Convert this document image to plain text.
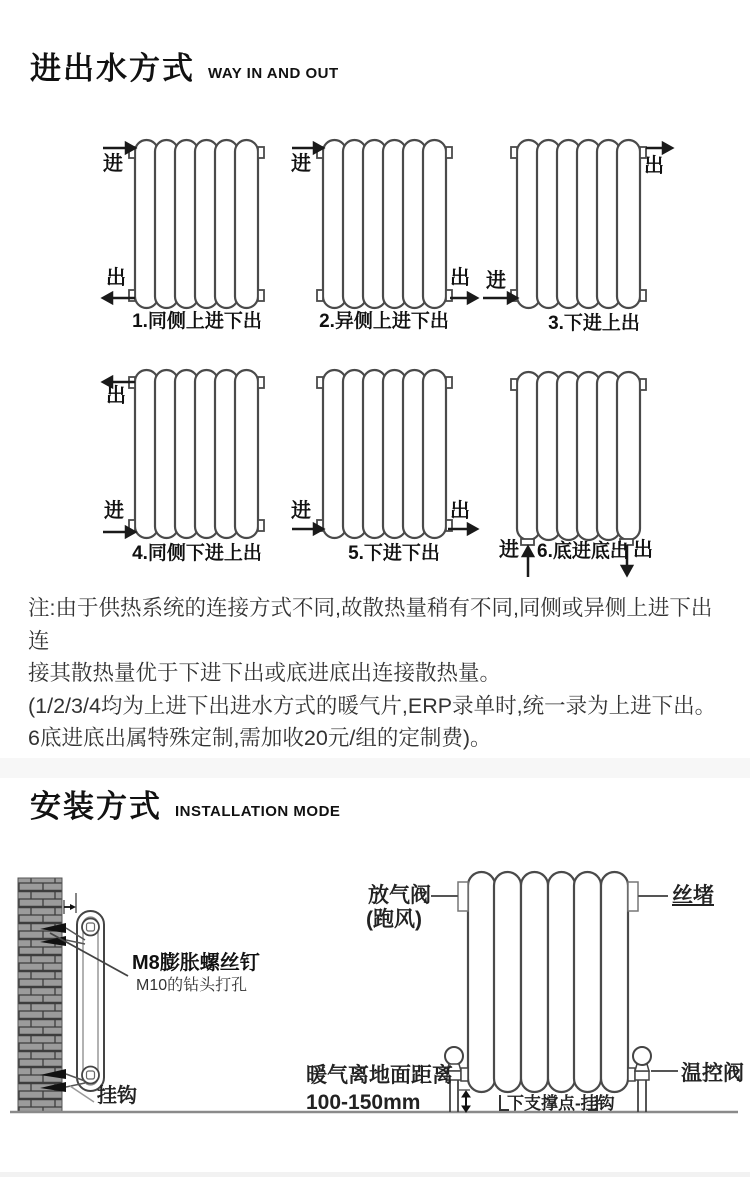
进出水方式 WAY IN AND OUT
进
出
1.同侧上进下出
进
出
2.异侧上进下出
出
进
3.下进上出
出
进
4.同侧下进上出
进	出
5.下进下出	进 6.底进底出 出
注:由于供热系统的连接方式不同,故散热量稍有不同,同侧或异侧上进下出连
接其散热量优于下进下出或底进底出连接散热量。
(1/2/3/4均为上进下出进水方式的暖气片,ERP录单时,统一录为上进下出。
6底进底出属特殊定制,需加收20元/组的定制费)。
安装方式 INSTALLATION MODE
M8膨胀螺丝钉
M10的钻头打孔
挂钩
放气阀
(跑风)
丝堵
暖气离地面距离
100-150mm	下支撑点-挂钩
温控阀
